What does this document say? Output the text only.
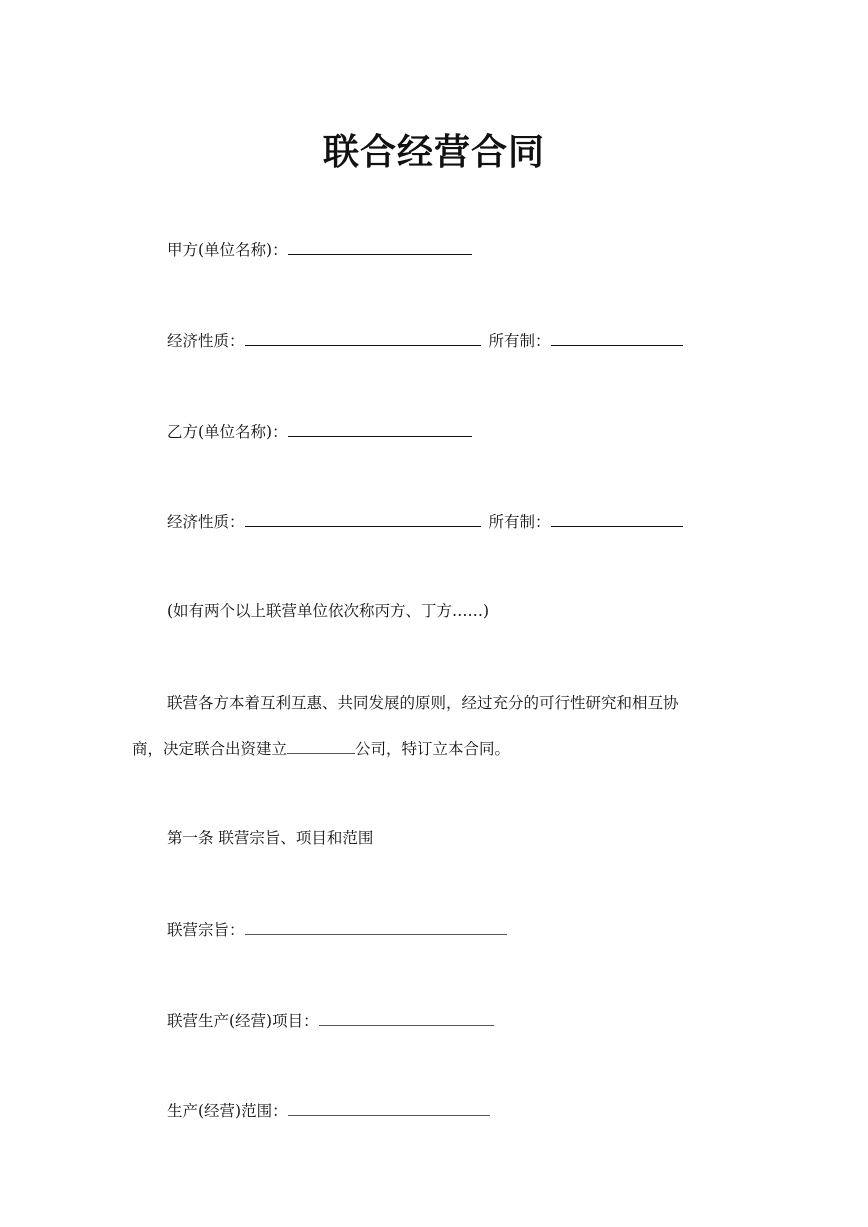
联合经营合同
甲方(单位名称)：
经济性质：	所有制：
乙方(单位名称)：
经济性质：	所有制：
(如有两个以上联营单位依次称丙方、丁方……)
联营各方本着互利互惠、共同发展的原则，经过充分的可行性研究和相互协
商，决定联合出资建立	公司，特订立本合同。
第一条 联营宗旨、项目和范围
联营宗旨：
联营生产(经营)项目：
生产(经营)范围：
